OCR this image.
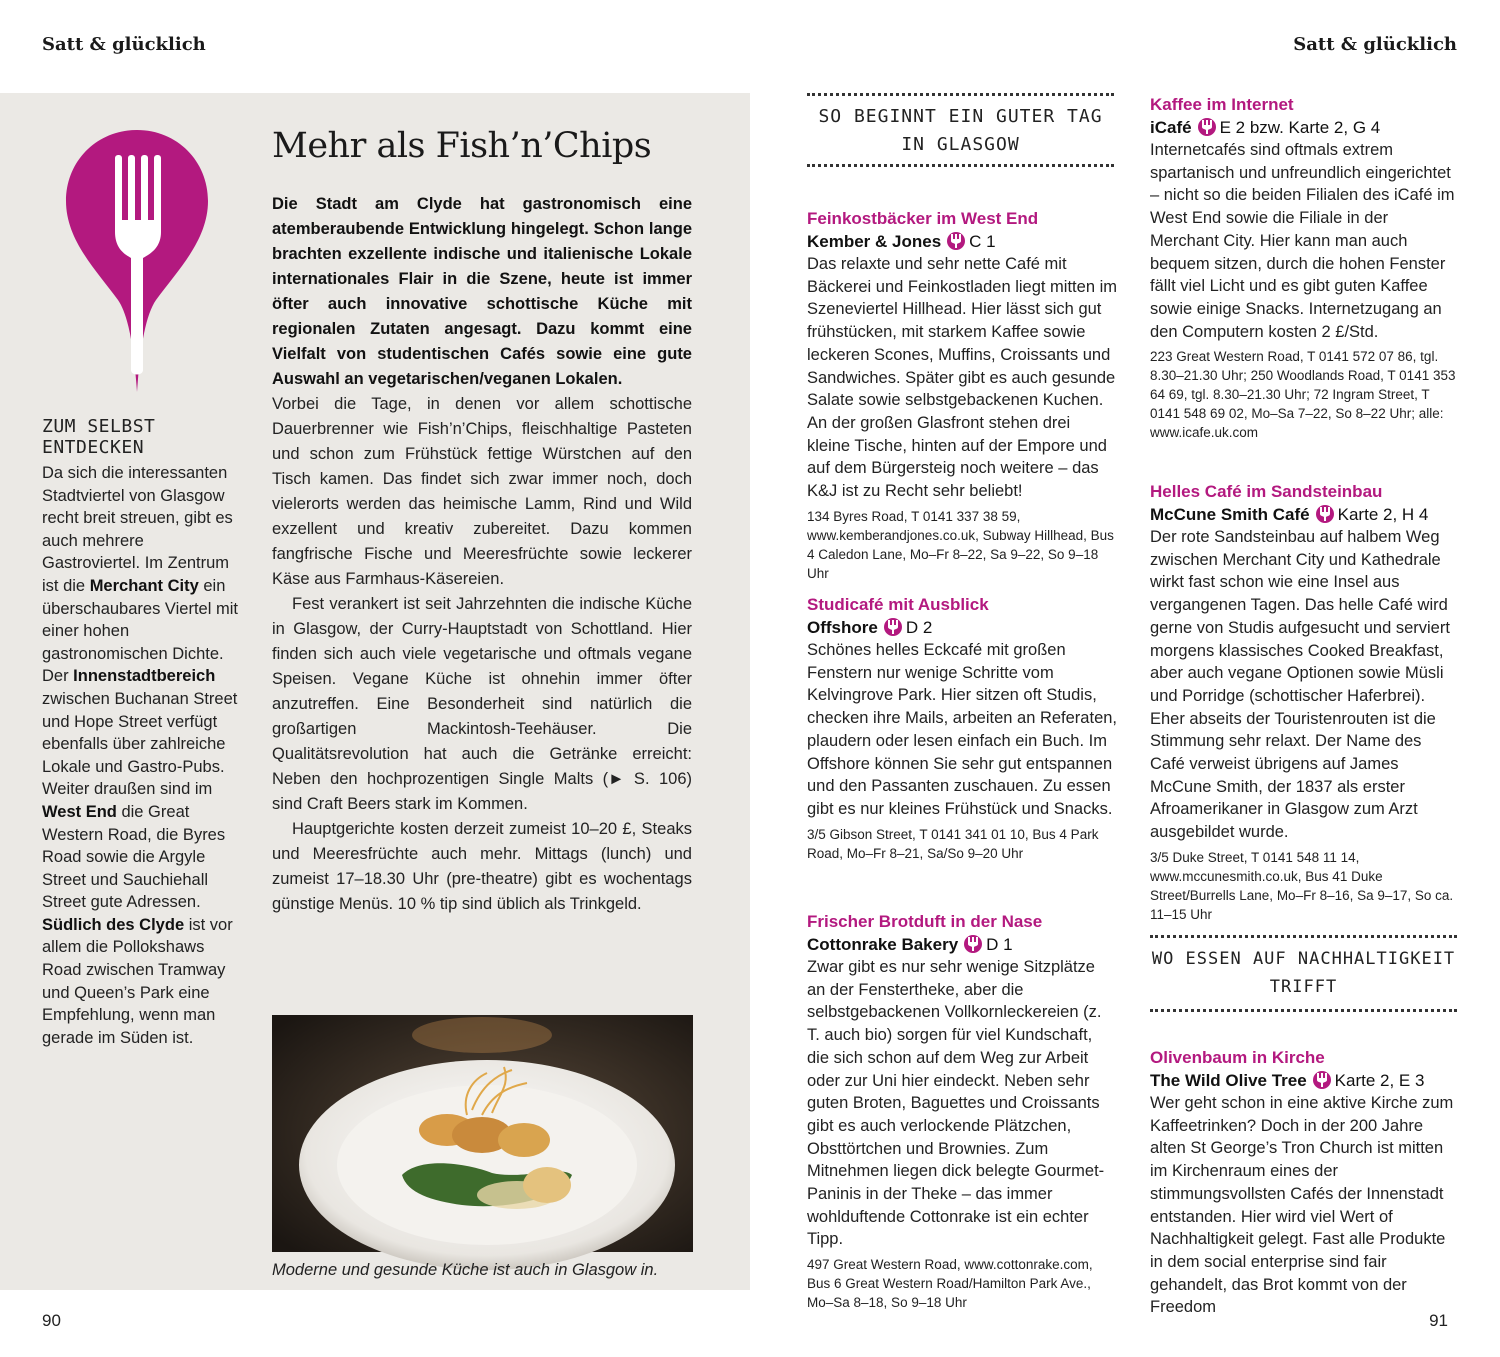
Satt & glücklich	Satt & glücklich
90	91
ZUM SELBST ENTDECKEN
Da sich die interessanten Stadtviertel von Glasgow recht breit streuen, gibt es auch mehrere Gastroviertel. Im Zentrum ist die Merchant City ein überschaubares Viertel mit einer hohen gastronomischen Dichte. Der Innenstadtbereich zwischen Buchanan Street und Hope Street verfügt ebenfalls über zahlreiche Lokale und Gastro-Pubs. Weiter draußen sind im West End die Great Western Road, die Byres Road sowie die Argyle Street und Sauchiehall Street gute Adressen. Südlich des Clyde ist vor allem die Pollokshaws Road zwischen Tramway und Queen’s Park eine Empfehlung, wenn man gerade im Süden ist.
Mehr als Fish’n’Chips

Die Stadt am Clyde hat gastronomisch eine atemberaubende Entwicklung hingelegt. Schon lange brachten exzellente indische und italienische Lokale internationales Flair in die Szene, heute ist immer öfter auch innovative schottische Küche mit regionalen Zutaten angesagt. Dazu kommt eine Vielfalt von studentischen Cafés sowie eine gute Auswahl an vegetarischen/veganen Lokalen.

Vorbei die Tage, in denen vor allem schottische Dauerbrenner wie Fish’n’Chips, fleischhaltige Pasteten und schon zum Frühstück fettige Würstchen auf den Tisch kamen. Das findet sich zwar immer noch, doch vielerorts werden das heimische Lamm, Rind und Wild exzellent und kreativ zubereitet. Dazu kommen fangfrische Fische und Meeresfrüchte sowie leckerer Käse aus Farmhaus-Käsereien.

Fest verankert ist seit Jahrzehnten die indische Küche in Glasgow, der Curry-Hauptstadt von Schottland. Hier finden sich auch viele vegetarische und oftmals vegane Speisen. Vegane Küche ist ohnehin immer öfter anzutreffen. Eine Besonderheit sind natürlich die großartigen Mackintosh-Teehäuser. Die Qualitätsrevolution hat auch die Getränke erreicht: Neben den hochprozentigen Single Malts (► S. 106) sind Craft Beers stark im Kommen.

Hauptgerichte kosten derzeit zumeist 10–20 £, Steaks und Meeresfrüchte auch mehr. Mittags (lunch) und zumeist 17–18.30 Uhr (pre-theatre) gibt es wochentags günstige Menüs. 10 % tip sind üblich als Trinkgeld.

Moderne und gesunde Küche ist auch in Glasgow in.
SO BEGINNT EIN GUTER TAG
IN GLASGOW
Feinkostbäcker im West End
Kember & Jones C 1

Das relaxte und sehr nette Café mit Bäckerei und Feinkostladen liegt mitten im Szeneviertel Hillhead. Hier lässt sich gut frühstücken, mit starkem Kaffee sowie leckeren Scones, Muffins, Croissants und Sandwiches. Später gibt es auch gesunde Salate sowie selbstgebackenen Kuchen. An der großen Glasfront stehen drei kleine Tische, hinten auf der Empore und auf dem Bürgersteig noch weitere – das K&J ist zu Recht sehr beliebt!

134 Byres Road, T 0141 337 38 59, www.kemberandjones.co.uk, Subway Hillhead, Bus 4 Caledon Lane, Mo–Fr 8–22, Sa 9–22, So 9–18 Uhr

Studicafé mit Ausblick
Offshore D 2

Schönes helles Eckcafé mit großen Fenstern nur wenige Schritte vom Kelvingrove Park. Hier sitzen oft Studis, checken ihre Mails, arbeiten an Referaten, plaudern oder lesen einfach ein Buch. Im Offshore können Sie sehr gut entspannen und den Passanten zuschauen. Zu essen gibt es nur kleines Frühstück und Snacks.

3/5 Gibson Street, T 0141 341 01 10, Bus 4 Park Road, Mo–Fr 8–21, Sa/So 9–20 Uhr

Frischer Brotduft in der Nase
Cottonrake Bakery D 1

Zwar gibt es nur sehr wenige Sitzplätze an der Fenstertheke, aber die selbstgebackenen Vollkornleckereien (z. T. auch bio) sorgen für viel Kundschaft, die sich schon auf dem Weg zur Arbeit oder zur Uni hier eindeckt. Neben sehr guten Broten, Baguettes und Croissants gibt es auch verlockende Plätzchen, Obsttörtchen und Brownies. Zum Mitnehmen liegen dick belegte Gourmet-Paninis in der Theke – das immer wohlduftende Cottonrake ist ein echter Tipp.

497 Great Western Road, www.cottonrake.com, Bus 6 Great Western Road/Hamilton Park Ave., Mo–Sa 8–18, So 9–18 Uhr

Kaffee im Internet
iCafé E 2 bzw. Karte 2, G 4

Internetcafés sind oftmals extrem spartanisch und unfreundlich eingerichtet – nicht so die beiden Filialen des iCafé im West End sowie die Filiale in der Merchant City. Hier kann man auch bequem sitzen, durch die hohen Fenster fällt viel Licht und es gibt guten Kaffee sowie einige Snacks. Internetzugang an den Computern kosten 2 £/Std.

223 Great Western Road, T 0141 572 07 86, tgl. 8.30–21.30 Uhr; 250 Woodlands Road, T 0141 353 64 69, tgl. 8.30–21.30 Uhr; 72 Ingram Street, T 0141 548 69 02, Mo–Sa 7–22, So 8–22 Uhr; alle: www.icafe.uk.com

Helles Café im Sandsteinbau
McCune Smith Café Karte 2, H 4

Der rote Sandsteinbau auf halbem Weg zwischen Merchant City und Kathedrale wirkt fast schon wie eine Insel aus vergangenen Tagen. Das helle Café wird gerne von Studis aufgesucht und serviert morgens klassisches Cooked Breakfast, aber auch vegane Optionen sowie Müsli und Porridge (schottischer Haferbrei). Eher abseits der Touristenrouten ist die Stimmung sehr relaxt. Der Name des Café verweist übrigens auf James McCune Smith, der 1837 als erster Afroamerikaner in Glasgow zum Arzt ausgebildet wurde.

3/5 Duke Street, T 0141 548 11 14, www.mccunesmith.co.uk, Bus 41 Duke Street/Burrells Lane, Mo–Fr 8–16, Sa 9–17, So ca. 11–15 Uhr

WO ESSEN AUF NACHHALTIGKEIT
TRIFFT
Olivenbaum in Kirche
The Wild Olive Tree Karte 2, E 3

Wer geht schon in eine aktive Kirche zum Kaffeetrinken? Doch in der 200 Jahre alten St George’s Tron Church ist mitten im Kirchenraum eines der stimmungsvollsten Cafés der Innenstadt entstanden. Hier wird viel Wert of Nachhaltigkeit gelegt. Fast alle Produkte in dem social enterprise sind fair gehandelt, das Brot kommt von der Freedom
